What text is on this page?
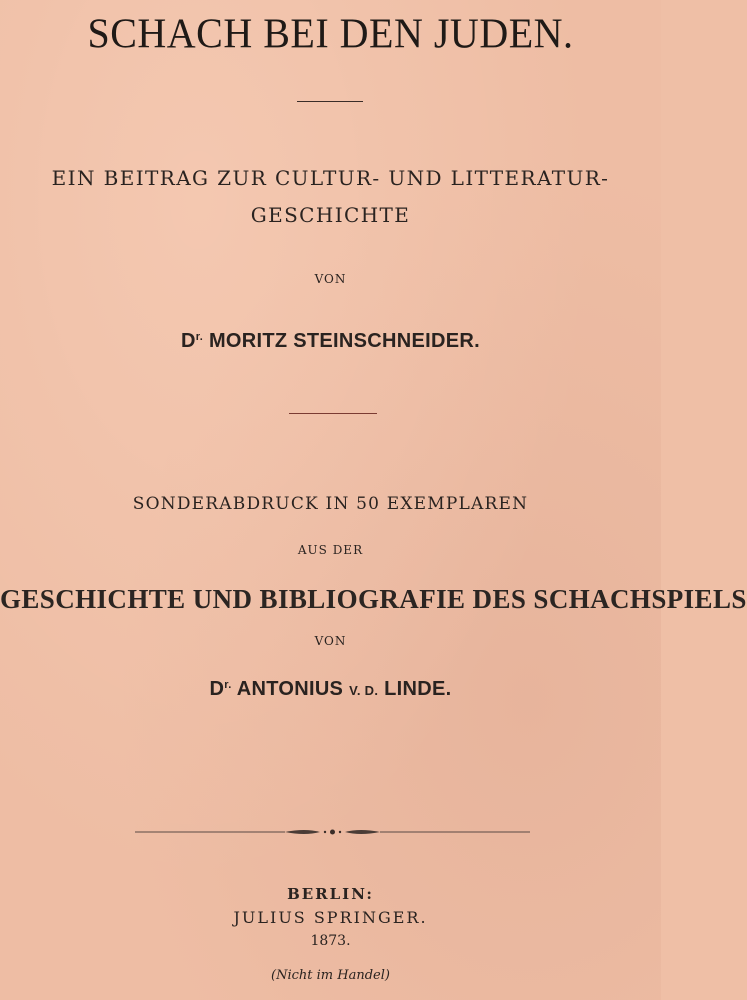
SCHACH BEI DEN JUDEN.
EIN BEITRAG ZUR CULTUR- UND LITTERATUR-
GESCHICHTE
VON
$D^{r.}$ MORITZ STEINSCHNEIDER.
SONDERABDRUCK IN 50 EXEMPLAREN
AUS DER
GESCHICHTE UND BIBLIOGRAFIE DES SCHACHSPIELS
VON
$D^{r.}$ ANTONIUS V. D. LINDE.
BERLIN:
JULIUS SPRINGER.
1873.
(Nicht im Handel)
